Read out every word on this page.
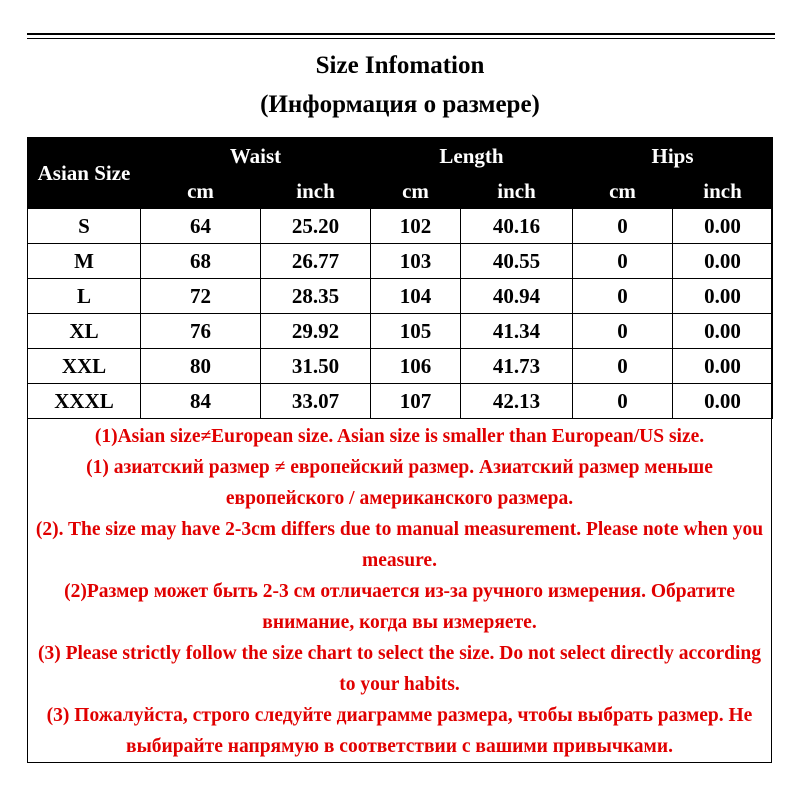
Size Infomation
(Информация о размере)
Asian Size	Waist		Length		Hips	
	cm	inch	cm	inch	cm	inch
S	64	25.20	102	40.16	0	0.00
M	68	26.77	103	40.55	0	0.00
L	72	28.35	104	40.94	0	0.00
XL	76	29.92	105	41.34	0	0.00
XXL	80	31.50	106	41.73	0	0.00
XXXL	84	33.07	107	42.13	0	0.00

(1)Asian size≠European size. Asian size is smaller than European/US size.

(1) азиатский размер ≠ европейский размер. Азиатский размер меньше европейского / американского размера.

(2). The size may have 2-3cm differs due to manual measurement. Please note when you measure.

(2)Размер может быть 2-3 см отличается из-за ручного измерения. Обратите внимание, когда вы измеряете.

(3) Please strictly follow the size chart to select the size. Do not select directly according to your habits.

(3) Пожалуйста, строго следуйте диаграмме размера, чтобы выбрать размер. Не выбирайте напрямую в соответствии с вашими привычками.
